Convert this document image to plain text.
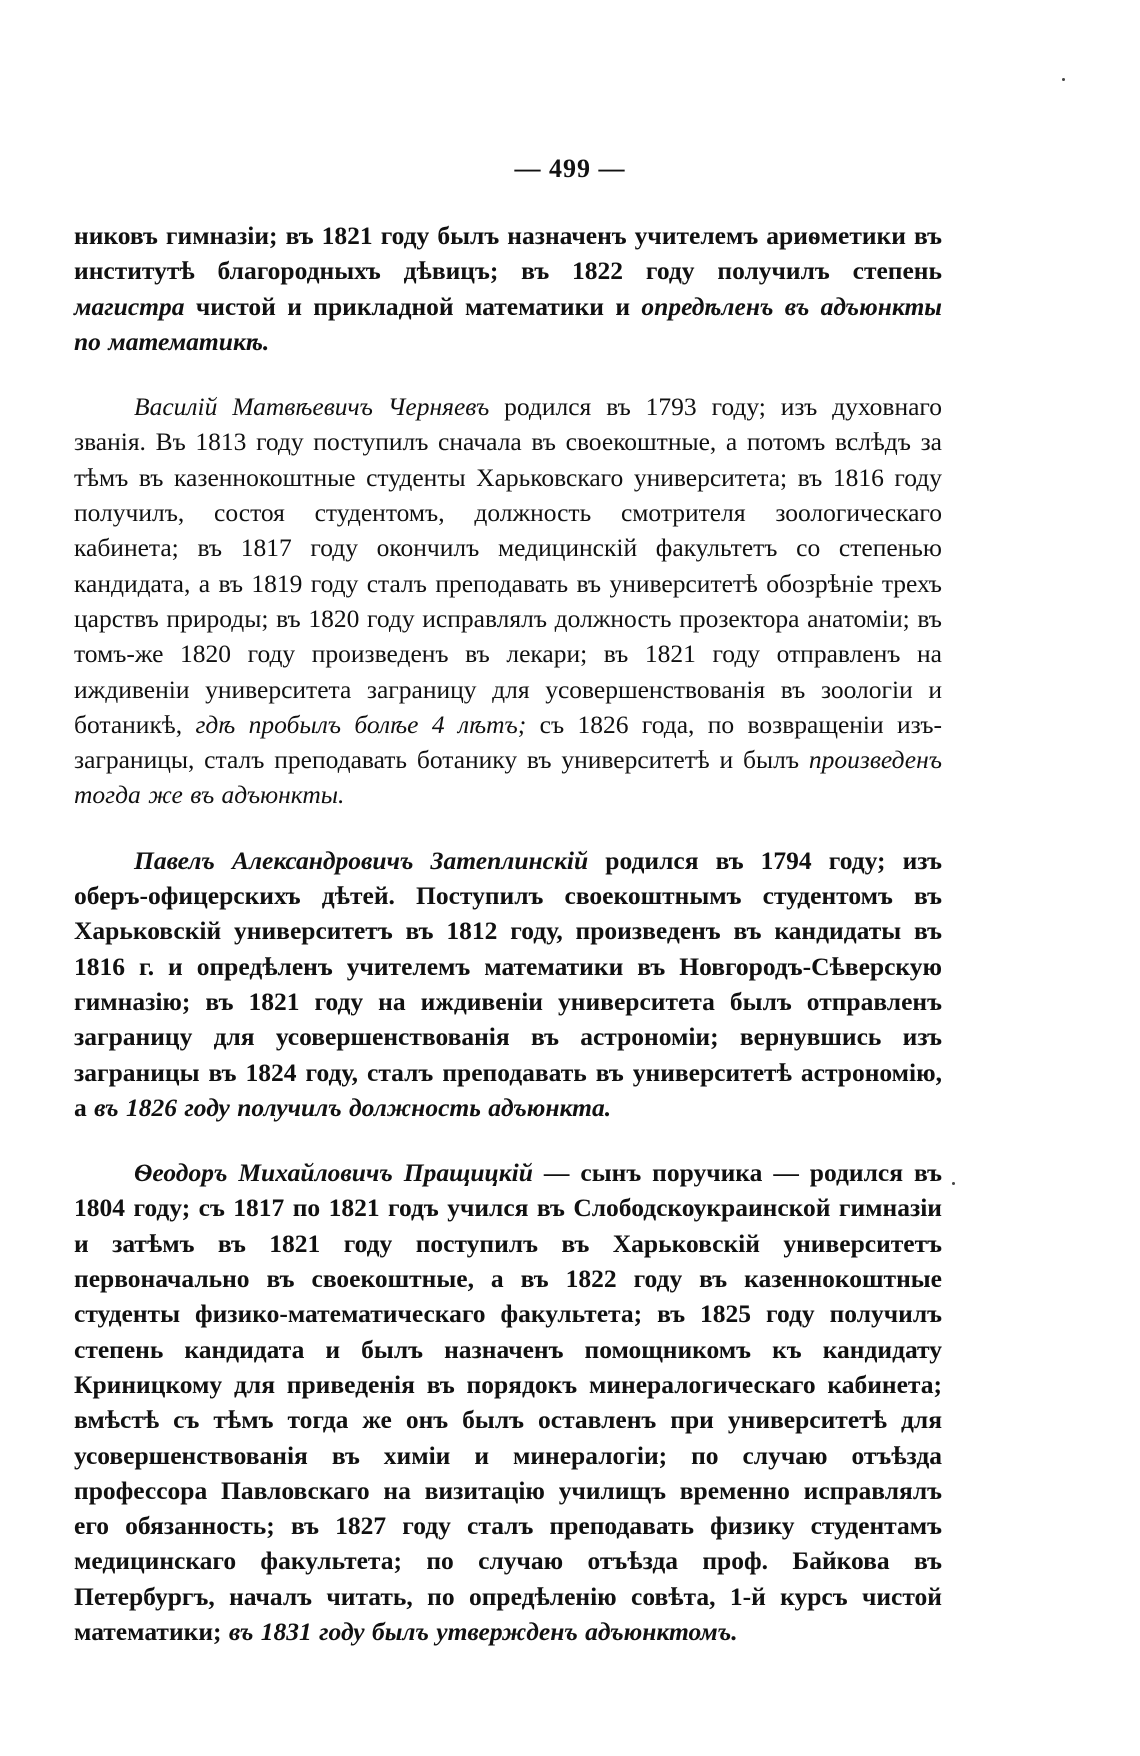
— 499 —

никовъ гимназiи; въ 1821 году былъ назначенъ учителемъ ариѳметики въ институтѣ благородныхъ дѣвицъ; въ 1822 году получилъ степень магистра чистой и прикладной математики и опредѣленъ въ адъюнкты по математикѣ.

Василiй Матвѣевичъ Черняевъ родился въ 1793 году; изъ духовнаго званiя. Въ 1813 году поступилъ сначала въ своекоштные, а потомъ вслѣдъ за тѣмъ въ казеннокоштные студенты Харьковскаго университета; въ 1816 году получилъ, состоя студентомъ, должность смотрителя зоологическаго кабинета; въ 1817 году окончилъ медицинскiй факультетъ со степенью кандидата, а въ 1819 году сталъ преподавать въ университетѣ обозрѣнiе трехъ царствъ природы; въ 1820 году исправлялъ должность прозектора анатомiи; въ томъ-же 1820 году произведенъ въ лекари; въ 1821 году отправленъ на иждивенiи университета заграницу для усовершенствованiя въ зоологiи и ботаникѣ, гдѣ пробылъ болѣе 4 лѣтъ; съ 1826 года, по возвращенiи изъ-заграницы, сталъ преподавать ботанику въ университетѣ и былъ произведенъ тогда же въ адъюнкты.

Павелъ Александровичъ Затеплинскiй родился въ 1794 году; изъ оберъ-офицерскихъ дѣтей. Поступилъ своекоштнымъ студентомъ въ Харьковскiй университетъ въ 1812 году, произведенъ въ кандидаты въ 1816 г. и опредѣленъ учителемъ математики въ Новгородъ-Сѣверскую гимназiю; въ 1821 году на иждивенiи университета былъ отправленъ заграницу для усовершенствованiя въ астрономiи; вернувшись изъ заграницы въ 1824 году, сталъ преподавать въ университетѣ астрономiю, а въ 1826 году получилъ должность адъюнкта.

Ѳеодоръ Михайловичъ Пращицкiй — сынъ поручика — родился въ 1804 году; съ 1817 по 1821 годъ учился въ Слободскоукраинской гимназiи и затѣмъ въ 1821 году поступилъ въ Харьковскiй университетъ первоначально въ своекоштные, а въ 1822 году въ казеннокоштные студенты физико-математическаго факультета; въ 1825 году получилъ степень кандидата и былъ назначенъ помощникомъ къ кандидату Криницкому для приведенiя въ порядокъ минералогическаго кабинета; вмѣстѣ съ тѣмъ тогда же онъ былъ оставленъ при университетѣ для усовершенствованiя въ химiи и минералогiи; по случаю отъѣзда профессора Павловскаго на визитацiю училищъ временно исправлялъ его обязанность; въ 1827 году сталъ преподавать физику студентамъ медицинскаго факультета; по случаю отъѣзда проф. Байкова въ Петербургъ, началъ читать, по опредѣленiю совѣта, 1-й курсъ чистой математики; въ 1831 году былъ утвержденъ адъюнктомъ.
